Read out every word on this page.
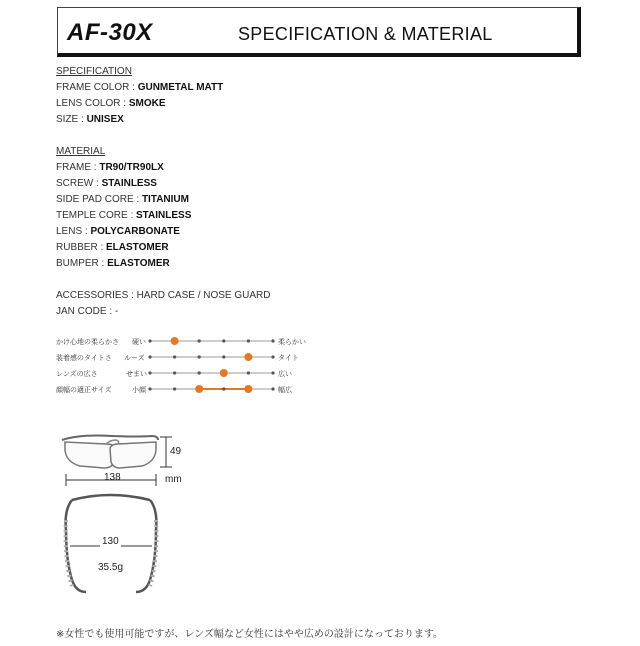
AF-30X	SPECIFICATION & MATERIAL
SPECIFICATION
FRAME COLOR : GUNMETAL MATT
LENS COLOR : SMOKE
SIZE : UNISEX
MATERIAL
FRAME : TR90/TR90LX
SCREW : STAINLESS
SIDE PAD CORE : TITANIUM
TEMPLE CORE : STAINLESS
LENS : POLYCARBONATE
RUBBER : ELASTOMER
BUMPER : ELASTOMER
ACCESSORIES : HARD CASE / NOSE GUARD
JAN CODE : -
かけ心地の柔らかさ 硬い	柔らかい
装着感のタイトさ ルーズ	タイト
レンズの広さ	せまい	広い
顔幅の適正サイズ	小顔	幅広
138
49
mm
130
35.5g
※女性でも使用可能ですが、レンズ幅など女性にはやや広めの設計になっております。
